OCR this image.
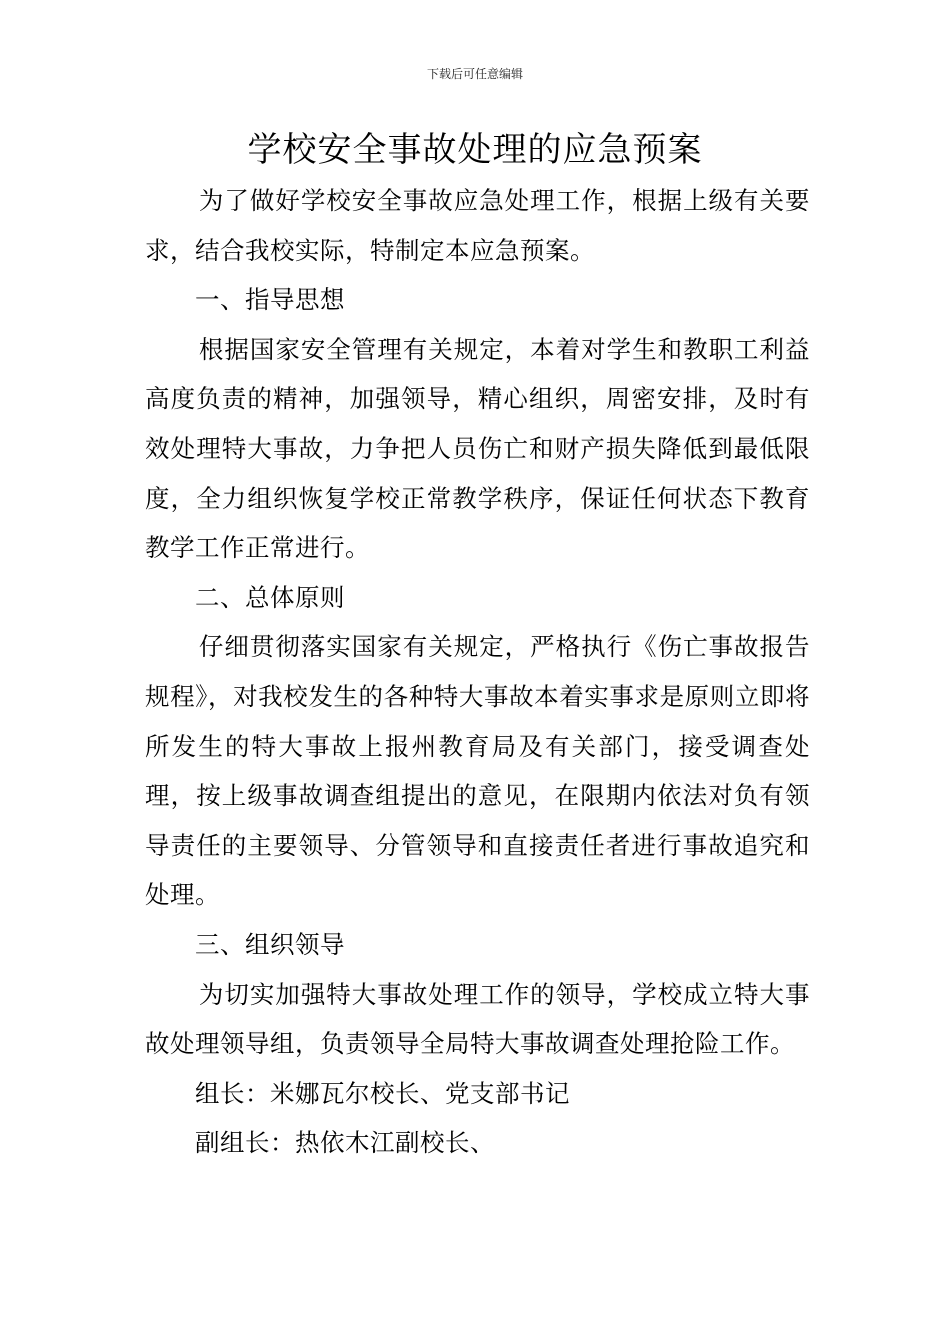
下载后可任意编辑
学校安全事故处理的应急预案

为了做好学校安全事故应急处理工作，根据上级有关要求，结合我校实际，特制定本应急预案。

一、指导思想

根据国家安全管理有关规定，本着对学生和教职工利益高度负责的精神，加强领导，精心组织，周密安排，及时有效处理特大事故，力争把人员伤亡和财产损失降低到最低限度，全力组织恢复学校正常教学秩序，保证任何状态下教育教学工作正常进行。

二、总体原则

仔细贯彻落实国家有关规定，严格执行《伤亡事故报告规程》，对我校发生的各种特大事故本着实事求是原则立即将所发生的特大事故上报州教育局及有关部门，接受调查处理，按上级事故调查组提出的意见，在限期内依法对负有领导责任的主要领导、分管领导和直接责任者进行事故追究和处理。

三、组织领导

为切实加强特大事故处理工作的领导，学校成立特大事故处理领导组，负责领导全局特大事故调查处理抢险工作。

组长：米娜瓦尔校长、党支部书记

副组长：热依木江副校长、
